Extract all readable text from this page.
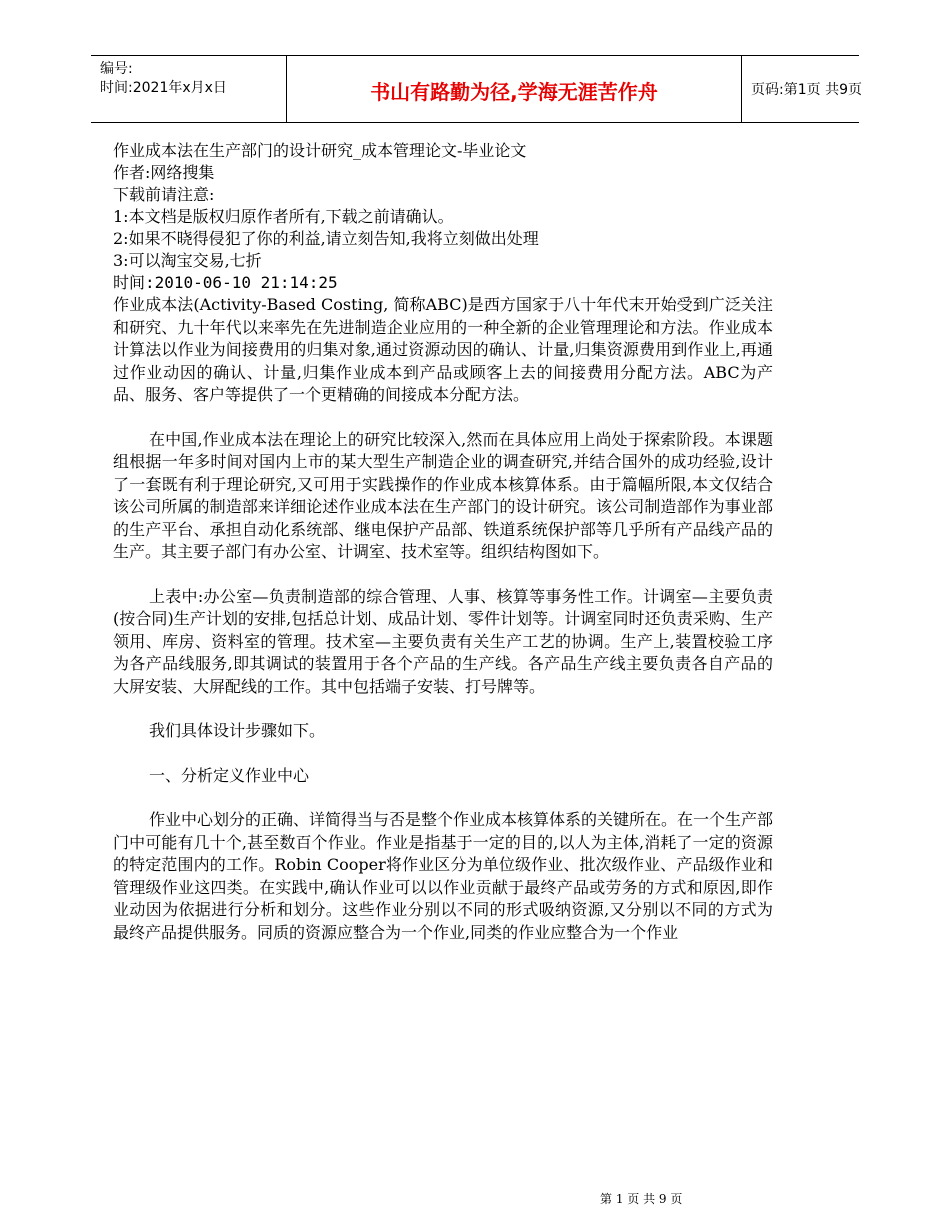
编号:
时间:2021年x月x日	书山有路勤为径,学海无涯苦作舟	页码:第1页 共9页
作业成本法在生产部门的设计研究_成本管理论文-毕业论文
作者:网络搜集
下载前请注意:
1:本文档是版权归原作者所有,下载之前请确认。
2:如果不晓得侵犯了你的利益,请立刻告知,我将立刻做出处理
3:可以淘宝交易,七折
时间:2010-06-10 21:14:25

作业成本法(Activity-Based Costing, 简称ABC)是西方国家于八十年代末开始受到广泛关注和研究、九十年代以来率先在先进制造企业应用的一种全新的企业管理理论和方法。作业成本计算法以作业为间接费用的归集对象,通过资源动因的确认、计量,归集资源费用到作业上,再通过作业动因的确认、计量,归集作业成本到产品或顾客上去的间接费用分配方法。ABC为产品、服务、客户等提供了一个更精确的间接成本分配方法。

在中国,作业成本法在理论上的研究比较深入,然而在具体应用上尚处于探索阶段。本课题组根据一年多时间对国内上市的某大型生产制造企业的调查研究,并结合国外的成功经验,设计了一套既有利于理论研究,又可用于实践操作的作业成本核算体系。由于篇幅所限,本文仅结合该公司所属的制造部来详细论述作业成本法在生产部门的设计研究。该公司制造部作为事业部的生产平台、承担自动化系统部、继电保护产品部、铁道系统保护部等几乎所有产品线产品的生产。其主要子部门有办公室、计调室、技术室等。组织结构图如下。

上表中:办公室—负责制造部的综合管理、人事、核算等事务性工作。计调室—主要负责(按合同)生产计划的安排,包括总计划、成品计划、零件计划等。计调室同时还负责采购、生产领用、库房、资料室的管理。技术室—主要负责有关生产工艺的协调。生产上,装置校验工序为各产品线服务,即其调试的装置用于各个产品的生产线。各产品生产线主要负责各自产品的大屏安装、大屏配线的工作。其中包括端子安装、打号牌等。

我们具体设计步骤如下。

一、分析定义作业中心

作业中心划分的正确、详简得当与否是整个作业成本核算体系的关键所在。在一个生产部门中可能有几十个,甚至数百个作业。作业是指基于一定的目的,以人为主体,消耗了一定的资源的特定范围内的工作。Robin Cooper将作业区分为单位级作业、批次级作业、产品级作业和管理级作业这四类。在实践中,确认作业可以以作业贡献于最终产品或劳务的方式和原因,即作业动因为依据进行分析和划分。这些作业分别以不同的形式吸纳资源,又分别以不同的方式为最终产品提供服务。同质的资源应整合为一个作业,同类的作业应整合为一个作业

第 1 页 共 9 页
